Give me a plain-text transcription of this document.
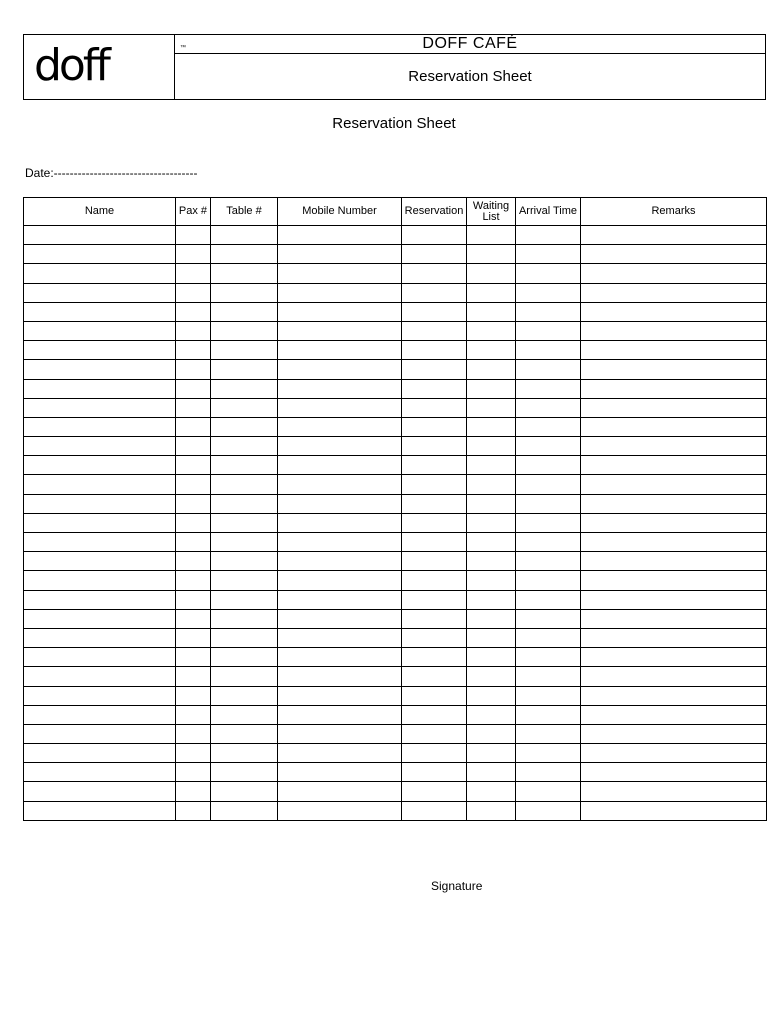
doff	™	DOFF CAFÉ
Reservation Sheet
Reservation Sheet
Date:------------------------------------
Name	Pax #	Table #	Mobile Number	Reservation	Waiting List	Arrival Time	Remarks

Signature
